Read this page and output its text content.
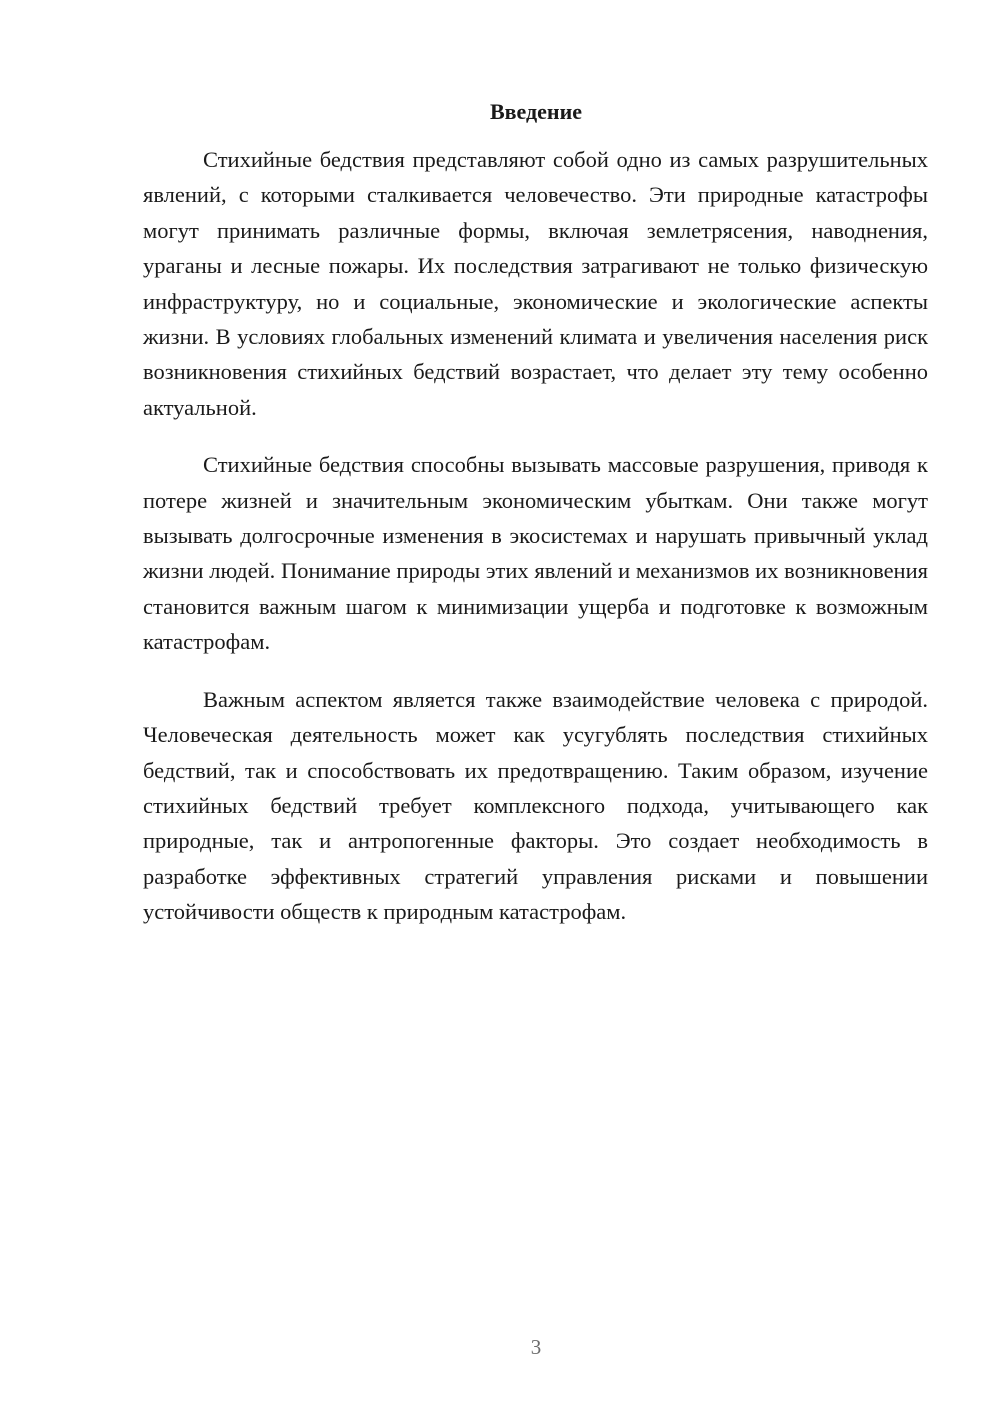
Введение

Стихийные бедствия представляют собой одно из самых разрушительных явлений, с которыми сталкивается человечество. Эти природные катастрофы могут принимать различные формы, включая землетрясения, наводнения, ураганы и лесные пожары. Их последствия затрагивают не только физическую инфраструктуру, но и социальные, экономические и экологические аспекты жизни. В условиях глобальных изменений климата и увеличения населения риск возникновения стихийных бедствий возрастает, что делает эту тему особенно актуальной.

Стихийные бедствия способны вызывать массовые разрушения, приводя к потере жизней и значительным экономическим убыткам. Они также могут вызывать долгосрочные изменения в экосистемах и нарушать привычный уклад жизни людей. Понимание природы этих явлений и механизмов их возникновения становится важным шагом к минимизации ущерба и подготовке к возможным катастрофам.

Важным аспектом является также взаимодействие человека с природой. Человеческая деятельность может как усугублять последствия стихийных бедствий, так и способствовать их предотвращению. Таким образом, изучение стихийных бедствий требует комплексного подхода, учитывающего как природные, так и антропогенные факторы. Это создает необходимость в разработке эффективных стратегий управления рисками и повышении устойчивости обществ к природным катастрофам.

3
